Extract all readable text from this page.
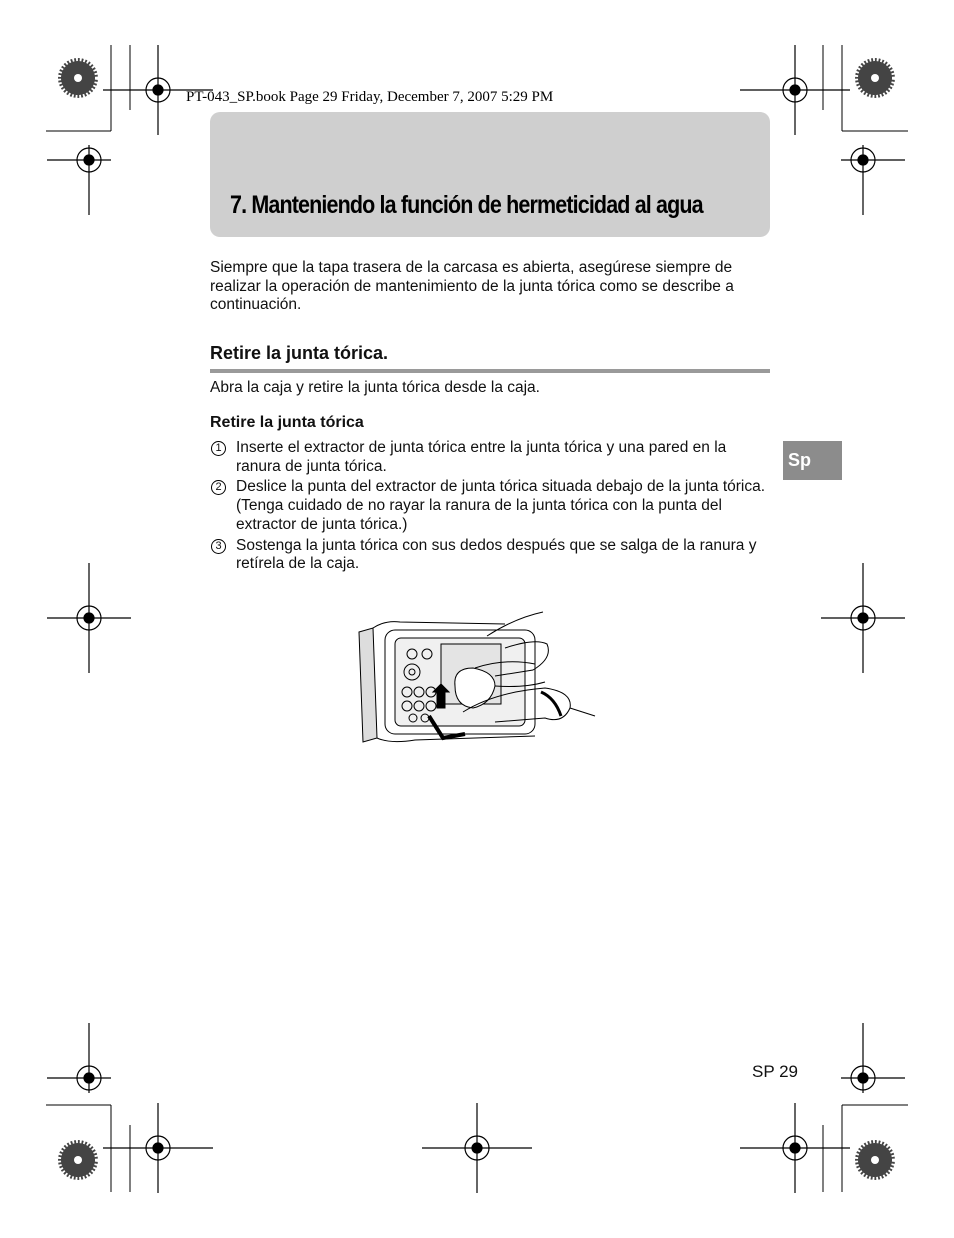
PT-043_SP.book Page 29 Friday, December 7, 2007 5:29 PM

7. Manteniendo la función de hermeticidad al agua

Siempre que la tapa trasera de la carcasa es abierta, asegúrese siempre de realizar la operación de mantenimiento de la junta tórica como se describe a continuación.

Retire la junta tórica.

Abra la caja y retire la junta tórica desde la caja.

Retire la junta tórica
1 Inserte el extractor de junta tórica entre la junta tórica y una pared en la ranura de junta tórica.
2 Deslice la punta del extractor de junta tórica situada debajo de la junta tórica.
(Tenga cuidado de no rayar la ranura de la junta tórica con la punta del extractor de junta tórica.)
3 Sostenga la junta tórica con sus dedos después que se salga de la ranura y retírela de la caja.
Sp

SP 29
